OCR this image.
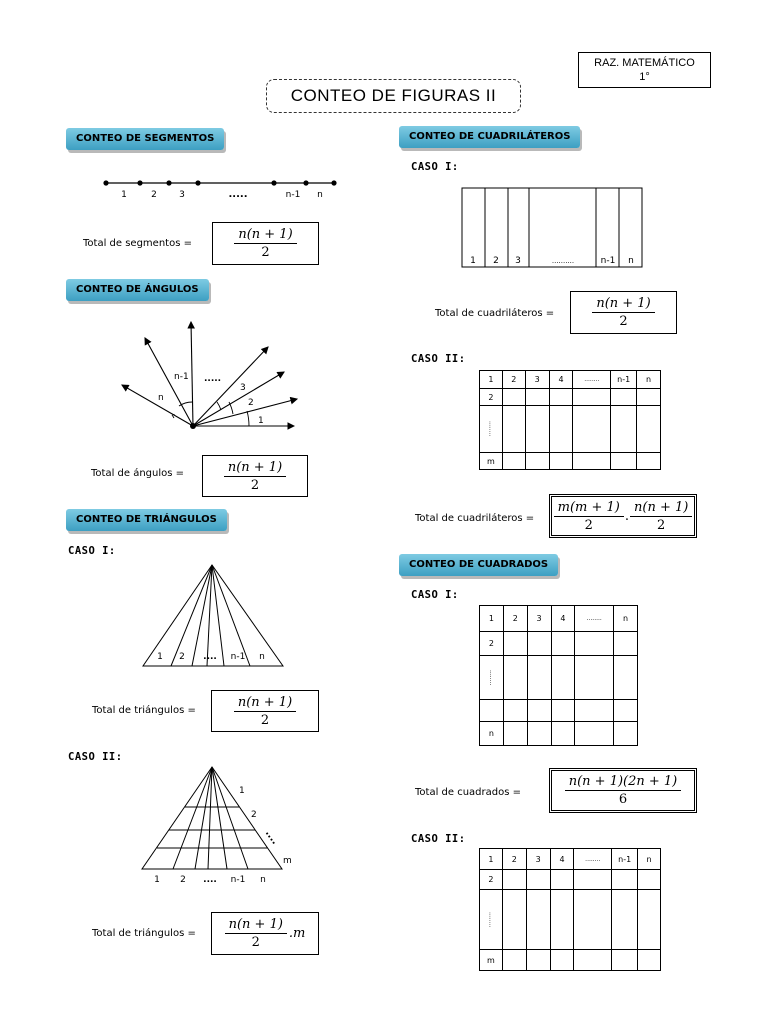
RAZ. MATEMÁTICO
1°
CONTEO DE FIGURAS II
CONTEO DE SEGMENTOS
1	2 3	.....	n-1 n
Total de segmentos =	$\frac{n(n + 1)}{2}$
CONTEO DE ÁNGULOS
n
n-1 .....
3
2
1
Total de ángulos =	$\frac{n(n + 1)}{2}$
CONTEO DE TRIÁNGULOS
CASO I:
1 2 .... n-1 n
Total de triángulos =	$\frac{n(n + 1)}{2}$
CASO II:
1
2
....
m
1 2 .... n-1 n
Total de triángulos = $\frac{n(n + 1)}{2} .m$
CONTEO DE CUADRILÁTEROS
CASO I:
1 2 3	..........	n-1 n
Total de cuadriláteros =	$\frac{n(n + 1)}{2}$
CASO II:
1	2	3	4	........	n-1	n
2						
........						
m						
Total de cuadriláteros = $\frac{m(m + 1)}{2}$ . $\frac{n(n + 1)}{2}$
CONTEO DE CUADRADOS
CASO I:
1	2	3	4	........	n
2					
........					

n					
Total de cuadrados =	$\frac{n(n + 1)(2n + 1)}{6}$
CASO II:
1	2	3	4	........	n-1	n
2						
........						
m						
